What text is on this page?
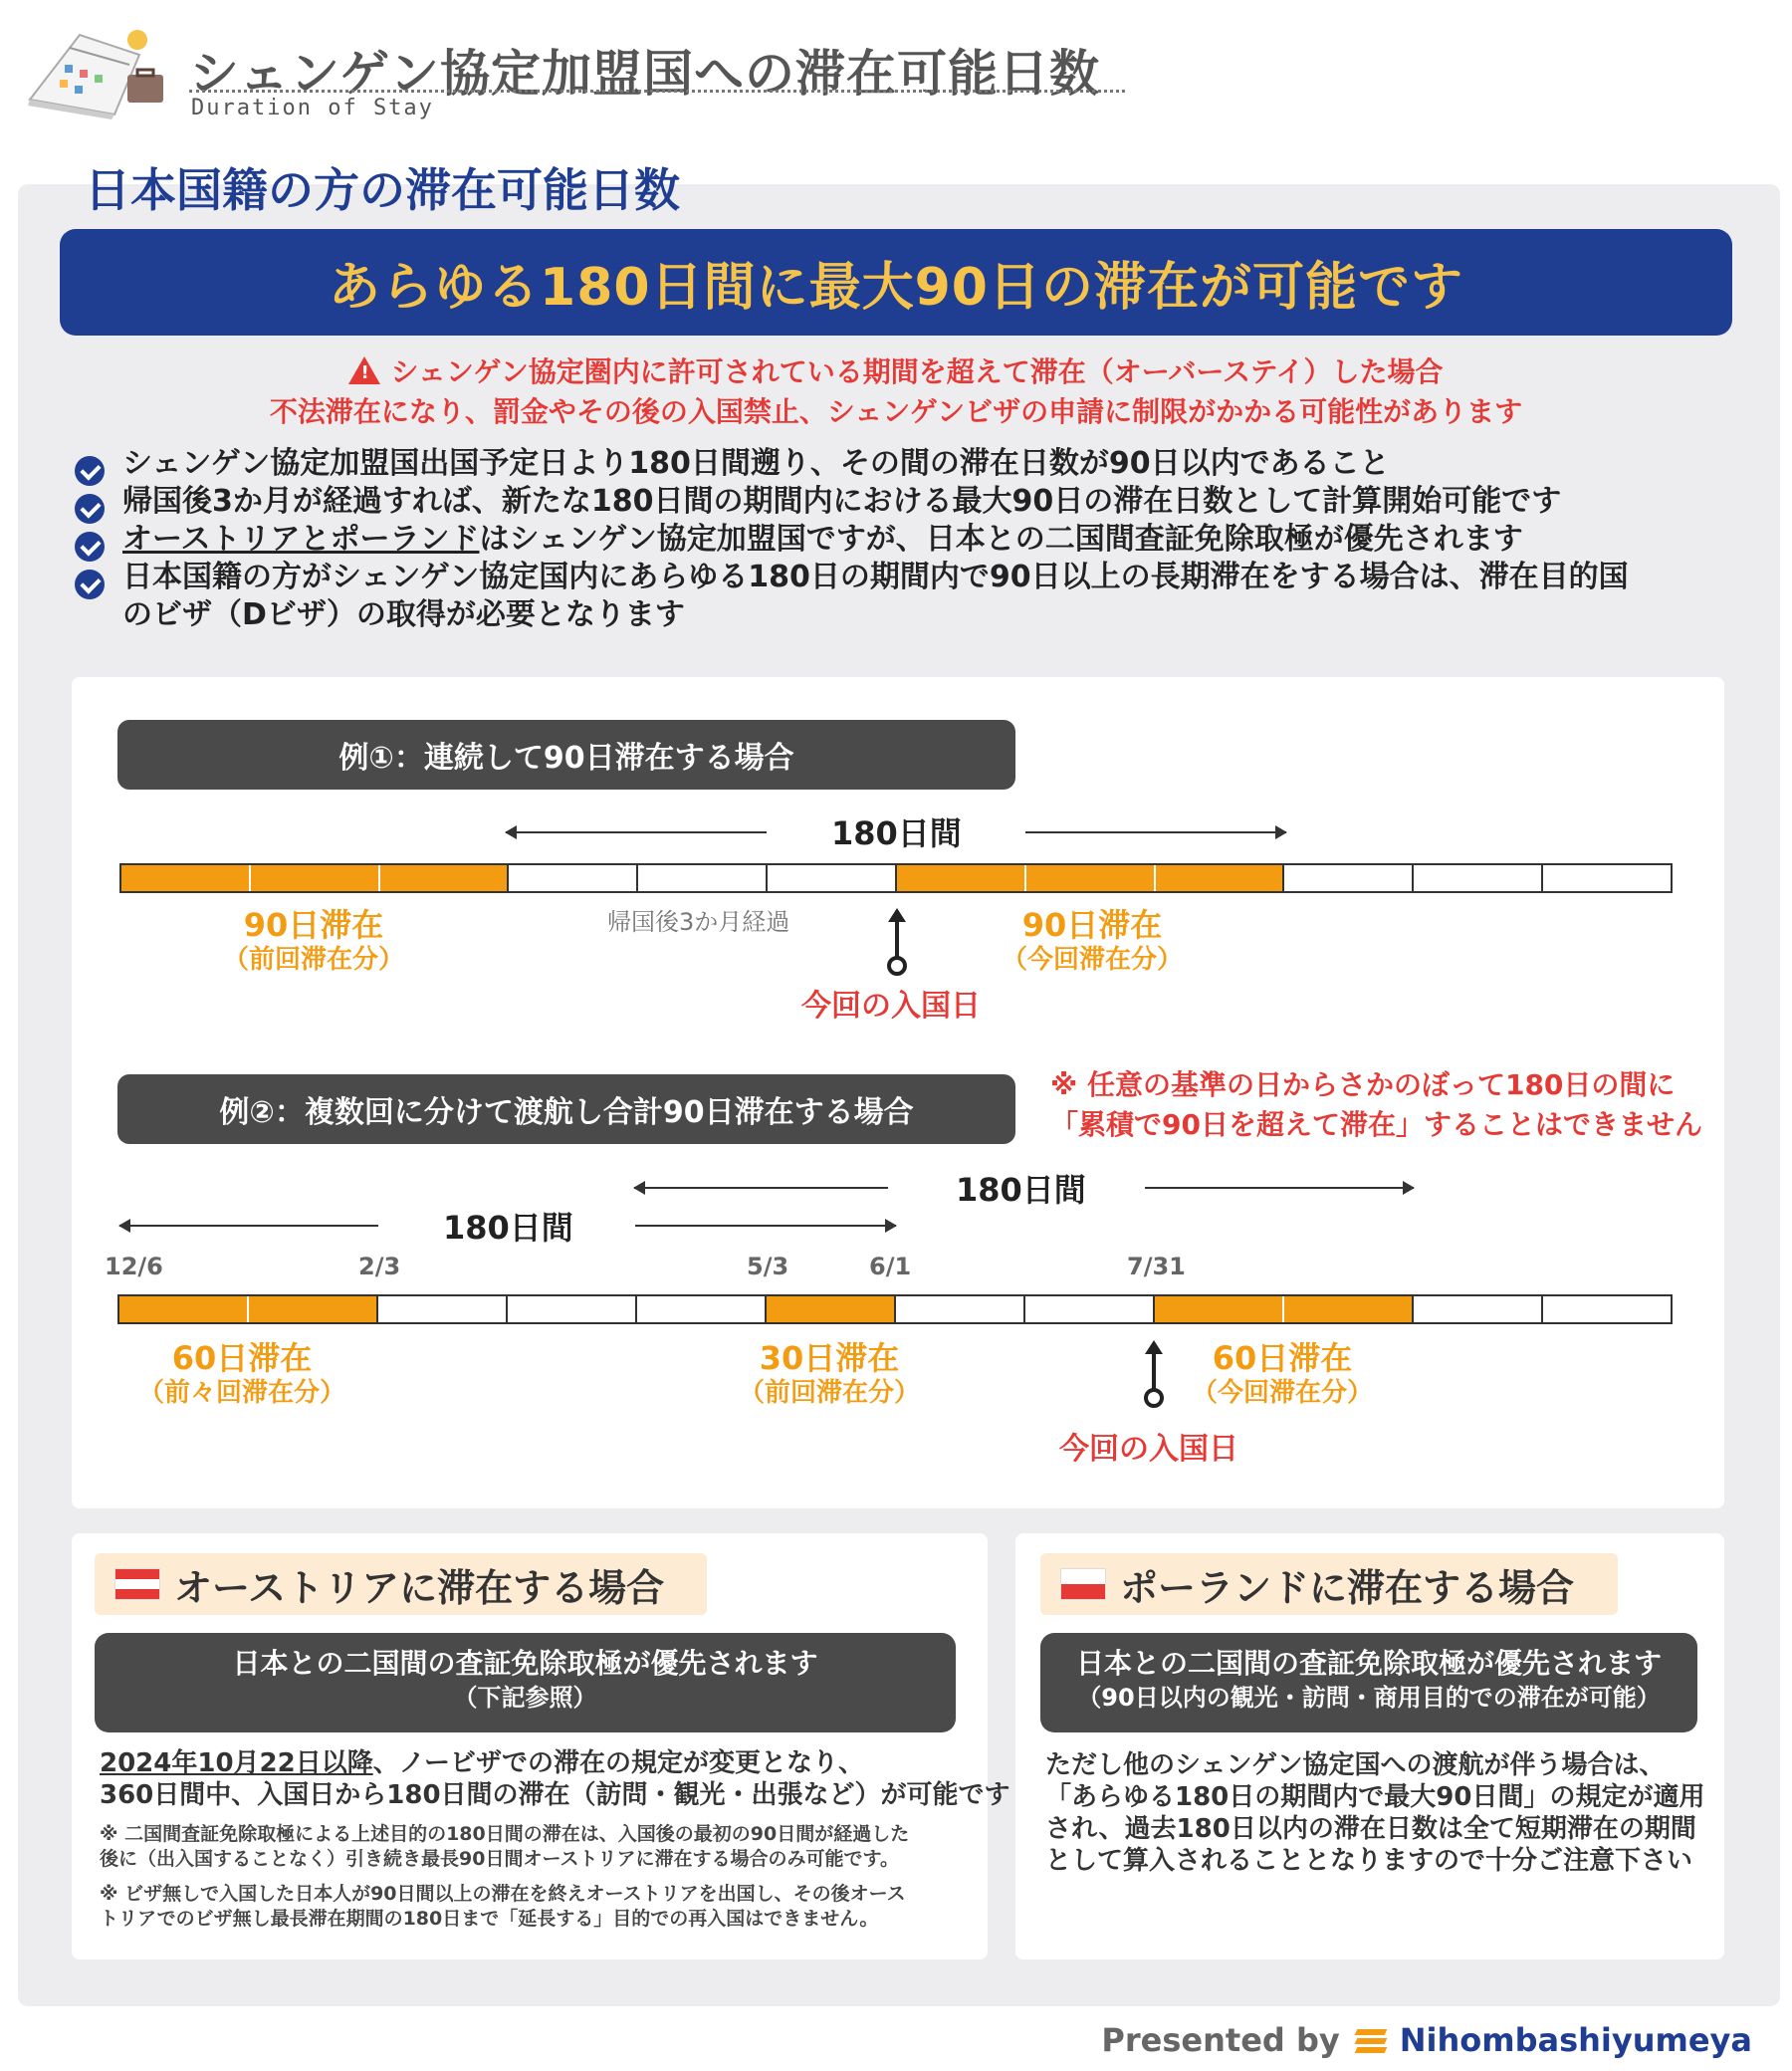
シェンゲン協定加盟国への滞在可能日数
Duration of Stay
日本国籍の方の滞在可能日数
あらゆる180日間に最大90日の滞在が可能です
! シェンゲン協定圏内に許可されている期間を超えて滞在（オーバーステイ）した場合
不法滞在になり、罰金やその後の入国禁止、シェンゲンビザの申請に制限がかかる可能性があります
シェンゲン協定加盟国出国予定日より180日間遡り、その間の滞在日数が90日以内であること
帰国後3か月が経過すれば、新たな180日間の期間内における最大90日の滞在日数として計算開始可能です
オーストリアとポーランドはシェンゲン協定加盟国ですが、日本との二国間査証免除取極が優先されます
日本国籍の方がシェンゲン協定国内にあらゆる180日の期間内で90日以上の長期滞在をする場合は、滞在目的国
のビザ（Dビザ）の取得が必要となります
例①：連続して90日滞在する場合
180日間
90日滞在
（前回滞在分）
帰国後3か月経過
今回の入国日
90日滞在
（今回滞在分）
例②：複数回に分けて渡航し合計90日滞在する場合
※ 任意の基準の日からさかのぼって180日の間に
「累積で90日を超えて滞在」することはできません
180日間
180日間
12/6	2/3	5/3	6/1	7/31
60日滞在
（前々回滞在分）
30日滞在
（前回滞在分）
今回の入国日
60日滞在
（今回滞在分）
オーストリアに滞在する場合
日本との二国間の査証免除取極が優先されます
（下記参照）
2024年10月22日以降、ノービザでの滞在の規定が変更となり、
360日間中、入国日から180日間の滞在（訪問・観光・出張など）が可能です
※ 二国間査証免除取極による上述目的の180日間の滞在は、入国後の最初の90日間が経過した
後に（出入国することなく）引き続き最長90日間オーストリアに滞在する場合のみ可能です。
※ ビザ無しで入国した日本人が90日間以上の滞在を終えオーストリアを出国し、その後オース
トリアでのビザ無し最長滞在期間の180日まで「延長する」目的での再入国はできません。
ポーランドに滞在する場合
日本との二国間の査証免除取極が優先されます
（90日以内の観光・訪問・商用目的での滞在が可能）
ただし他のシェンゲン協定国への渡航が伴う場合は、
「あらゆる180日の期間内で最大90日間」の規定が適用
され、過去180日以内の滞在日数は全て短期滞在の期間
として算入されることとなりますので十分ご注意下さい
Presented by Nihombashiyumeya
